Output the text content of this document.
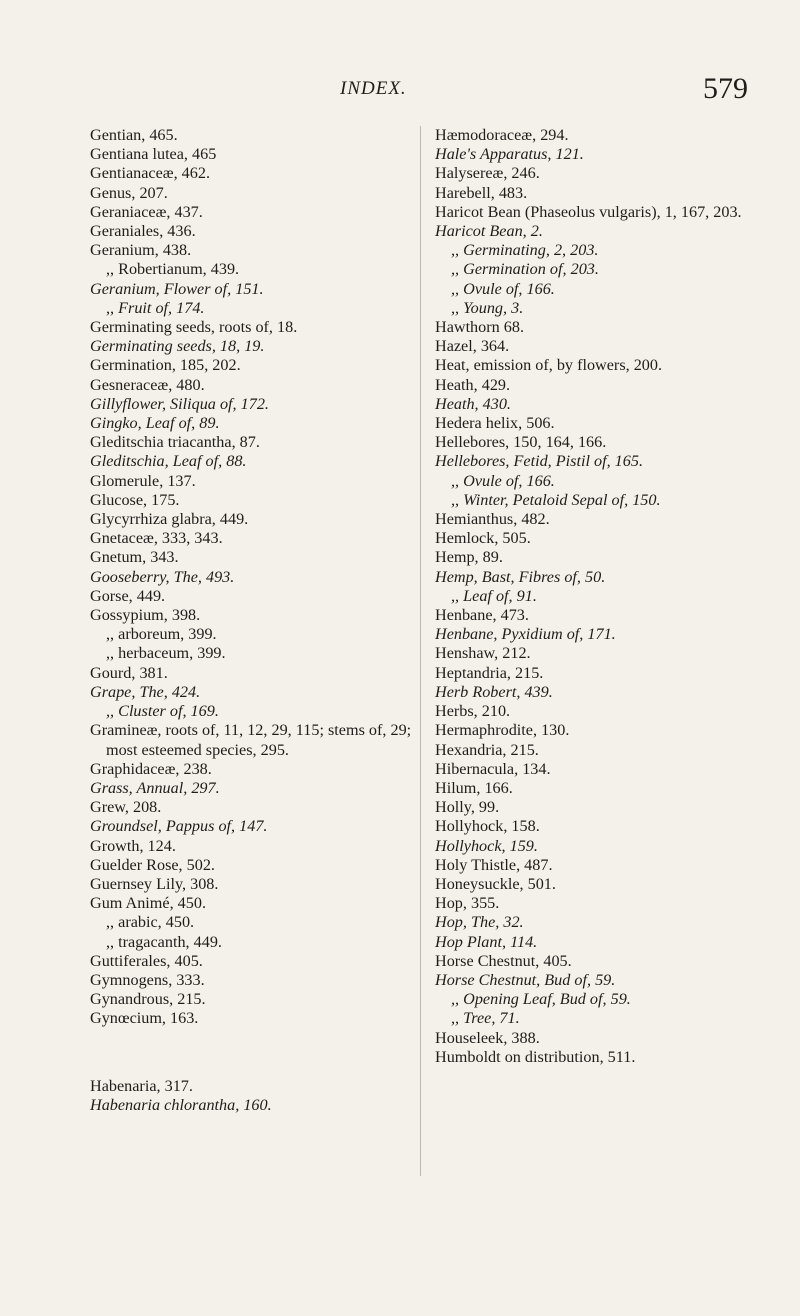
INDEX.	579
Gentian, 465.
Gentiana lutea, 465
Gentianaceæ, 462.
Genus, 207.
Geraniaceæ, 437.
Geraniales, 436.
Geranium, 438.
,, Robertianum, 439.
Geranium, Flower of, 151.
,, Fruit of, 174.
Germinating seeds, roots of, 18.
Germinating seeds, 18, 19.
Germination, 185, 202.
Gesneraceæ, 480.
Gillyflower, Siliqua of, 172.
Gingko, Leaf of, 89.
Gleditschia triacantha, 87.
Gleditschia, Leaf of, 88.
Glomerule, 137.
Glucose, 175.
Glycyrrhiza glabra, 449.
Gnetaceæ, 333, 343.
Gnetum, 343.
Gooseberry, The, 493.
Gorse, 449.
Gossypium, 398.
,, arboreum, 399.
,, herbaceum, 399.
Gourd, 381.
Grape, The, 424.
,, Cluster of, 169.
Gramineæ, roots of, 11, 12, 29, 115; stems of, 29; most esteemed species, 295.
Graphidaceæ, 238.
Grass, Annual, 297.
Grew, 208.
Groundsel, Pappus of, 147.
Growth, 124.
Guelder Rose, 502.
Guernsey Lily, 308.
Gum Animé, 450.
,, arabic, 450.
,, tragacanth, 449.
Guttiferales, 405.
Gymnogens, 333.
Gynandrous, 215.
Gynœcium, 163.
Habenaria, 317.
Habenaria chlorantha, 160.
Hæmodoraceæ, 294.
Hale's Apparatus, 121.
Halysereæ, 246.
Harebell, 483.
Haricot Bean (Phaseolus vulgaris), 1, 167, 203.
Haricot Bean, 2.
,, Germinating, 2, 203.
,, Germination of, 203.
,, Ovule of, 166.
,, Young, 3.
Hawthorn 68.
Hazel, 364.
Heat, emission of, by flowers, 200.
Heath, 429.
Heath, 430.
Hedera helix, 506.
Hellebores, 150, 164, 166.
Hellebores, Fetid, Pistil of, 165.
,, Ovule of, 166.
,, Winter, Petaloid Sepal of, 150.
Hemianthus, 482.
Hemlock, 505.
Hemp, 89.
Hemp, Bast, Fibres of, 50.
,, Leaf of, 91.
Henbane, 473.
Henbane, Pyxidium of, 171.
Henshaw, 212.
Heptandria, 215.
Herb Robert, 439.
Herbs, 210.
Hermaphrodite, 130.
Hexandria, 215.
Hibernacula, 134.
Hilum, 166.
Holly, 99.
Hollyhock, 158.
Hollyhock, 159.
Holy Thistle, 487.
Honeysuckle, 501.
Hop, 355.
Hop, The, 32.
Hop Plant, 114.
Horse Chestnut, 405.
Horse Chestnut, Bud of, 59.
,, Opening Leaf, Bud of, 59.
,, Tree, 71.
Houseleek, 388.
Humboldt on distribution, 511.
